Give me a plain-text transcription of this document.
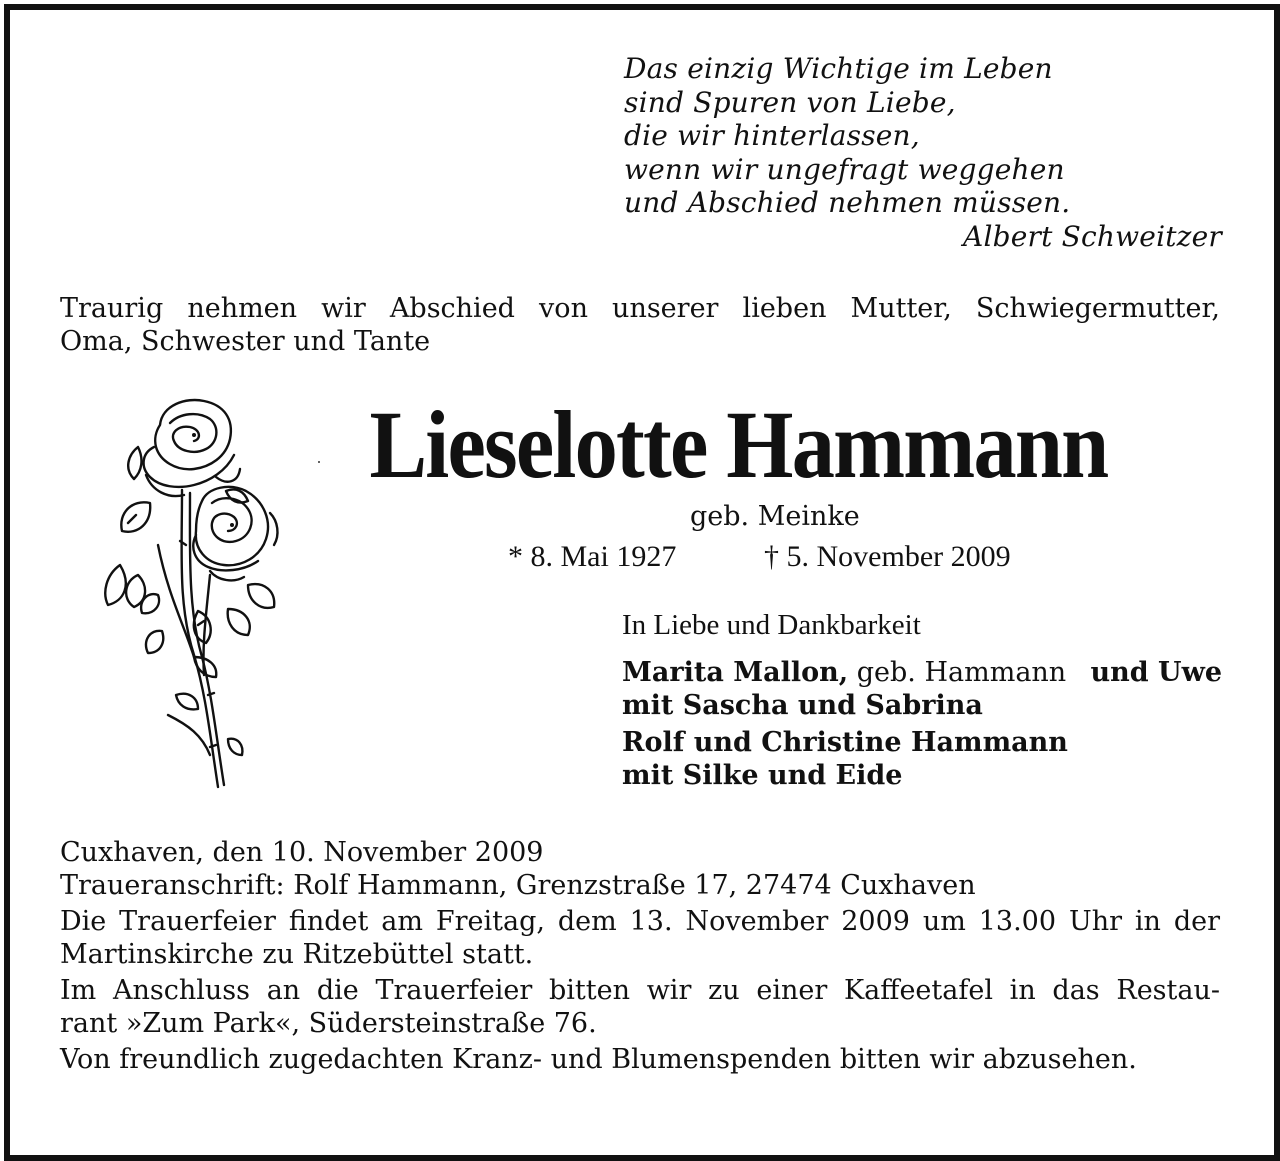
Das einzig Wichtige im Leben
sind Spuren von Liebe,
die wir hinterlassen,
wenn wir ungefragt weggehen
und Abschied nehmen müssen.
Albert Schweitzer
Traurig nehmen wir Abschied von unserer lieben Mutter, Schwiegermutter,
Oma, Schwester und Tante
Lieselotte Hammann
geb. Meinke
* 8. Mai 1927	† 5. November 2009
In Liebe und Dankbarkeit
Marita Mallon, geb. Hammann und Uwe
mit Sascha und Sabrina
Rolf und Christine Hammann
mit Silke und Eide

Cuxhaven, den 10. November 2009
Traueranschrift: Rolf Hammann, Grenzstraße 17, 27474 Cuxhaven

Die Trauerfeier findet am Freitag, dem 13. November 2009 um 13.00 Uhr in der
Martinskirche zu Ritzebüttel statt.

Im Anschluss an die Trauerfeier bitten wir zu einer Kaffeetafel in das Restau-
rant »Zum Park«, Südersteinstraße 76.

Von freundlich zugedachten Kranz- und Blumenspenden bitten wir abzusehen.
